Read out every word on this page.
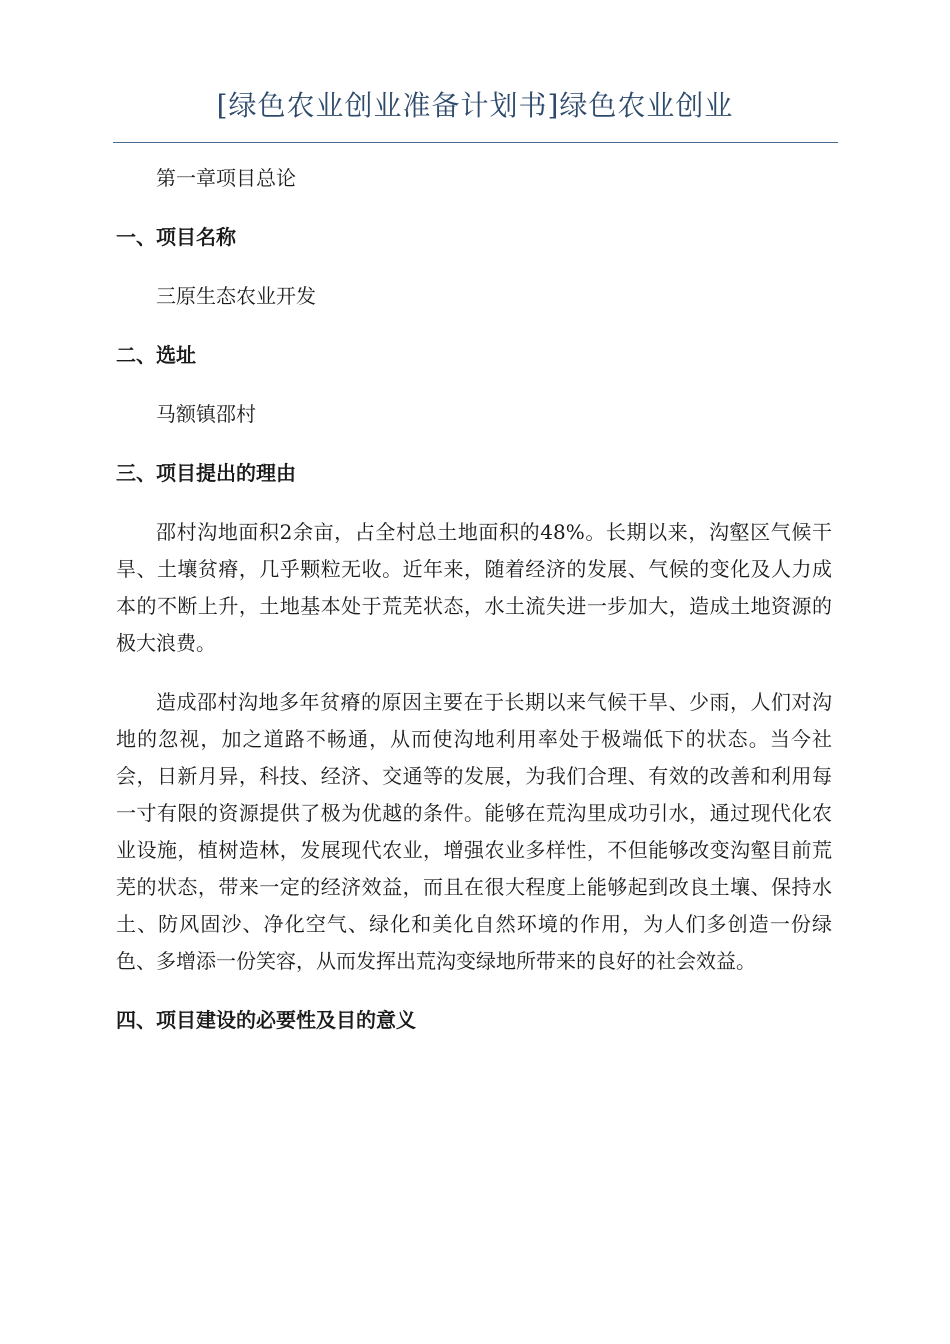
[绿色农业创业准备计划书]绿色农业创业

第一章项目总论

一、项目名称

三原生态农业开发

二、选址

马额镇邵村

三、项目提出的理由

邵村沟地面积2余亩，占全村总土地面积的48%。长期以来，沟壑区气候干旱、土壤贫瘠，几乎颗粒无收。近年来，随着经济的发展、气候的变化及人力成本的不断上升，土地基本处于荒芜状态，水土流失进一步加大，造成土地资源的极大浪费。

造成邵村沟地多年贫瘠的原因主要在于长期以来气候干旱、少雨，人们对沟地的忽视，加之道路不畅通，从而使沟地利用率处于极端低下的状态。当今社会，日新月异，科技、经济、交通等的发展，为我们合理、有效的改善和利用每一寸有限的资源提供了极为优越的条件。能够在荒沟里成功引水，通过现代化农业设施，植树造林，发展现代农业，增强农业多样性，不但能够改变沟壑目前荒芜的状态，带来一定的经济效益，而且在很大程度上能够起到改良土壤、保持水土、防风固沙、净化空气、绿化和美化自然环境的作用，为人们多创造一份绿色、多增添一份笑容，从而发挥出荒沟变绿地所带来的良好的社会效益。

四、项目建设的必要性及目的意义
